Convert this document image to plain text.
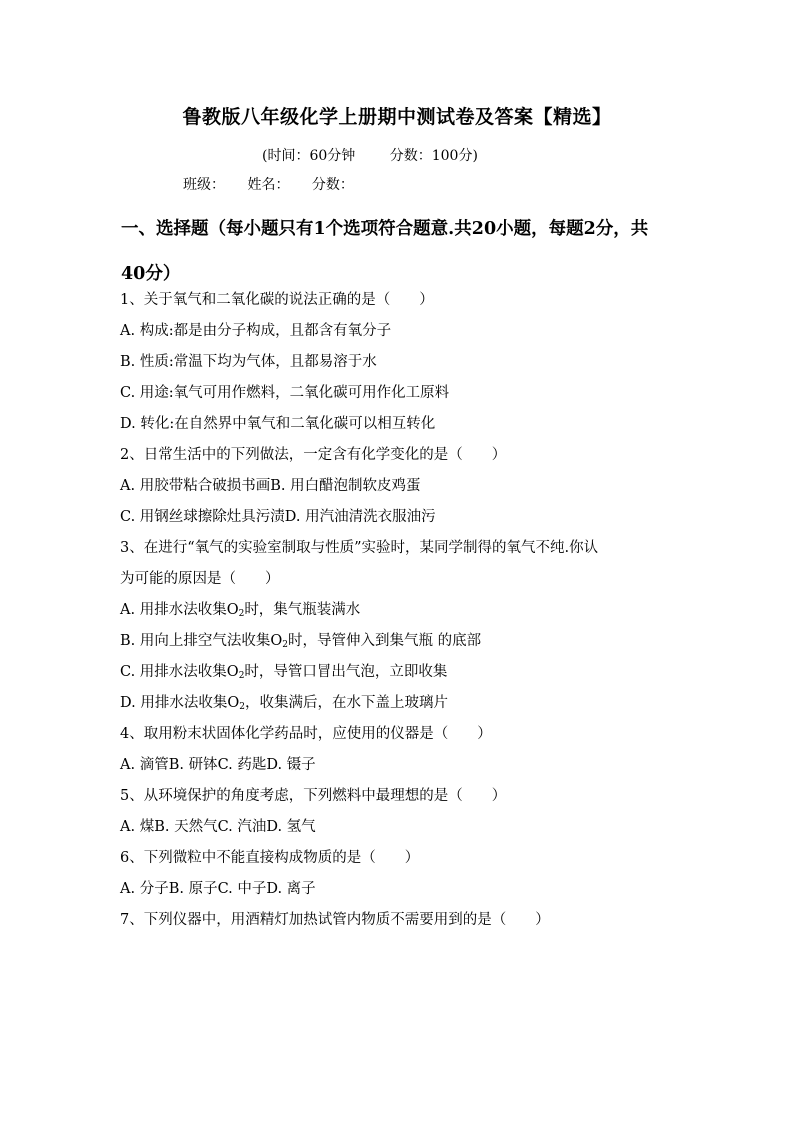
鲁教版八年级化学上册期中测试卷及答案【精选】
(时间：60分钟 分数：100分)
班级： 姓名： 分数：
一、选择题（每小题只有1个选项符合题意.共20小题，每题2分，共
40分）
1、关于氧气和二氧化碳的说法正确的是（　　）
A. 构成:都是由分子构成，且都含有氧分子
B. 性质:常温下均为气体，且都易溶于水
C. 用途:氧气可用作燃料，二氧化碳可用作化工原料
D. 转化:在自然界中氧气和二氧化碳可以相互转化
2、日常生活中的下列做法，一定含有化学变化的是（　　）
A. 用胶带粘合破损书画B. 用白醋泡制软皮鸡蛋
C. 用钢丝球擦除灶具污渍D. 用汽油清洗衣服油污
3、在进行“氧气的实验室制取与性质”实验时，某同学制得的氧气不纯.你认
为可能的原因是（　　）
A. 用排水法收集$O_2$时，集气瓶装满水
B. 用向上排空气法收集$O_2$时，导管伸入到集气瓶 的底部
C. 用排水法收集$O_2$时，导管口冒出气泡，立即收集
D. 用排水法收集$O_2$，收集满后，在水下盖上玻璃片
4、取用粉末状固体化学药品时，应使用的仪器是（　　）
A. 滴管B. 研钵C. 药匙D. 镊子
5、从环境保护的角度考虑，下列燃料中最理想的是（　　）
A. 煤B. 天然气C. 汽油D. 氢气
6、下列微粒中不能直接构成物质的是（　　）
A. 分子B. 原子C. 中子D. 离子
7、下列仪器中，用酒精灯加热试管内物质不需要用到的是（　　）
